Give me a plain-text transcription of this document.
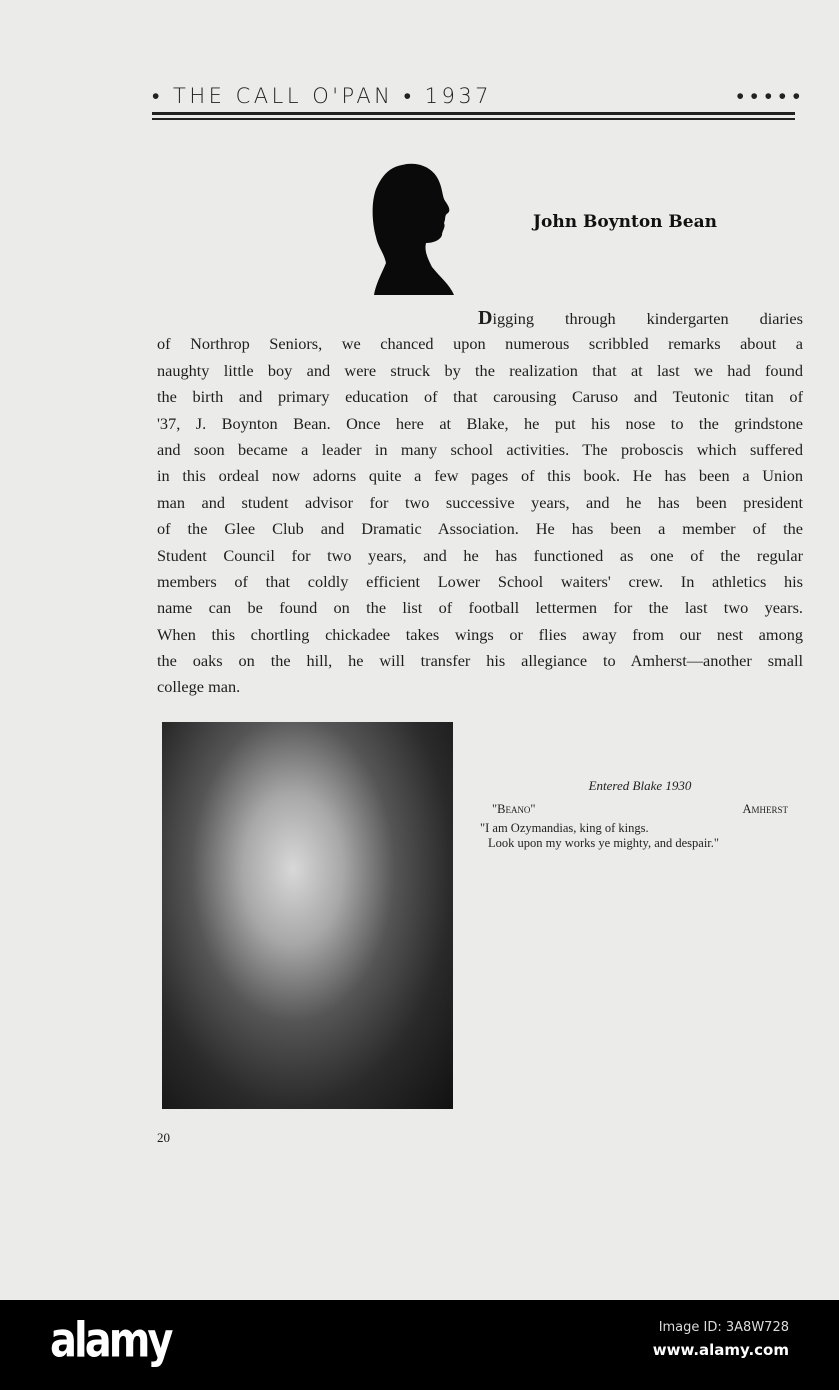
• THE CALL O'PAN • 1937	• • • • •
John Boynton Bean
Digging through kindergarten diaries
of Northrop Seniors, we chanced upon numerous scribbled remarks about a
naughty little boy and were struck by the realization that at last we had found
the birth and primary education of that carousing Caruso and Teutonic titan of
'37, J. Boynton Bean. Once here at Blake, he put his nose to the grindstone
and soon became a leader in many school activities. The proboscis which suffered
in this ordeal now adorns quite a few pages of this book. He has been a Union
man and student advisor for two successive years, and he has been president
of the Glee Club and Dramatic Association. He has been a member of the
Student Council for two years, and he has functioned as one of the regular
members of that coldly efficient Lower School waiters' crew. In athletics his
name can be found on the list of football lettermen for the last two years.
When this chortling chickadee takes wings or flies away from our nest among
the oaks on the hill, he will transfer his allegiance to Amherst—another small
college man.
Entered Blake 1930
"Beano"	Amherst
"I am Ozymandias, king of kings.
Look upon my works ye mighty, and despair."
20
alamy	Image ID: 3A8W728
www.alamy.com
